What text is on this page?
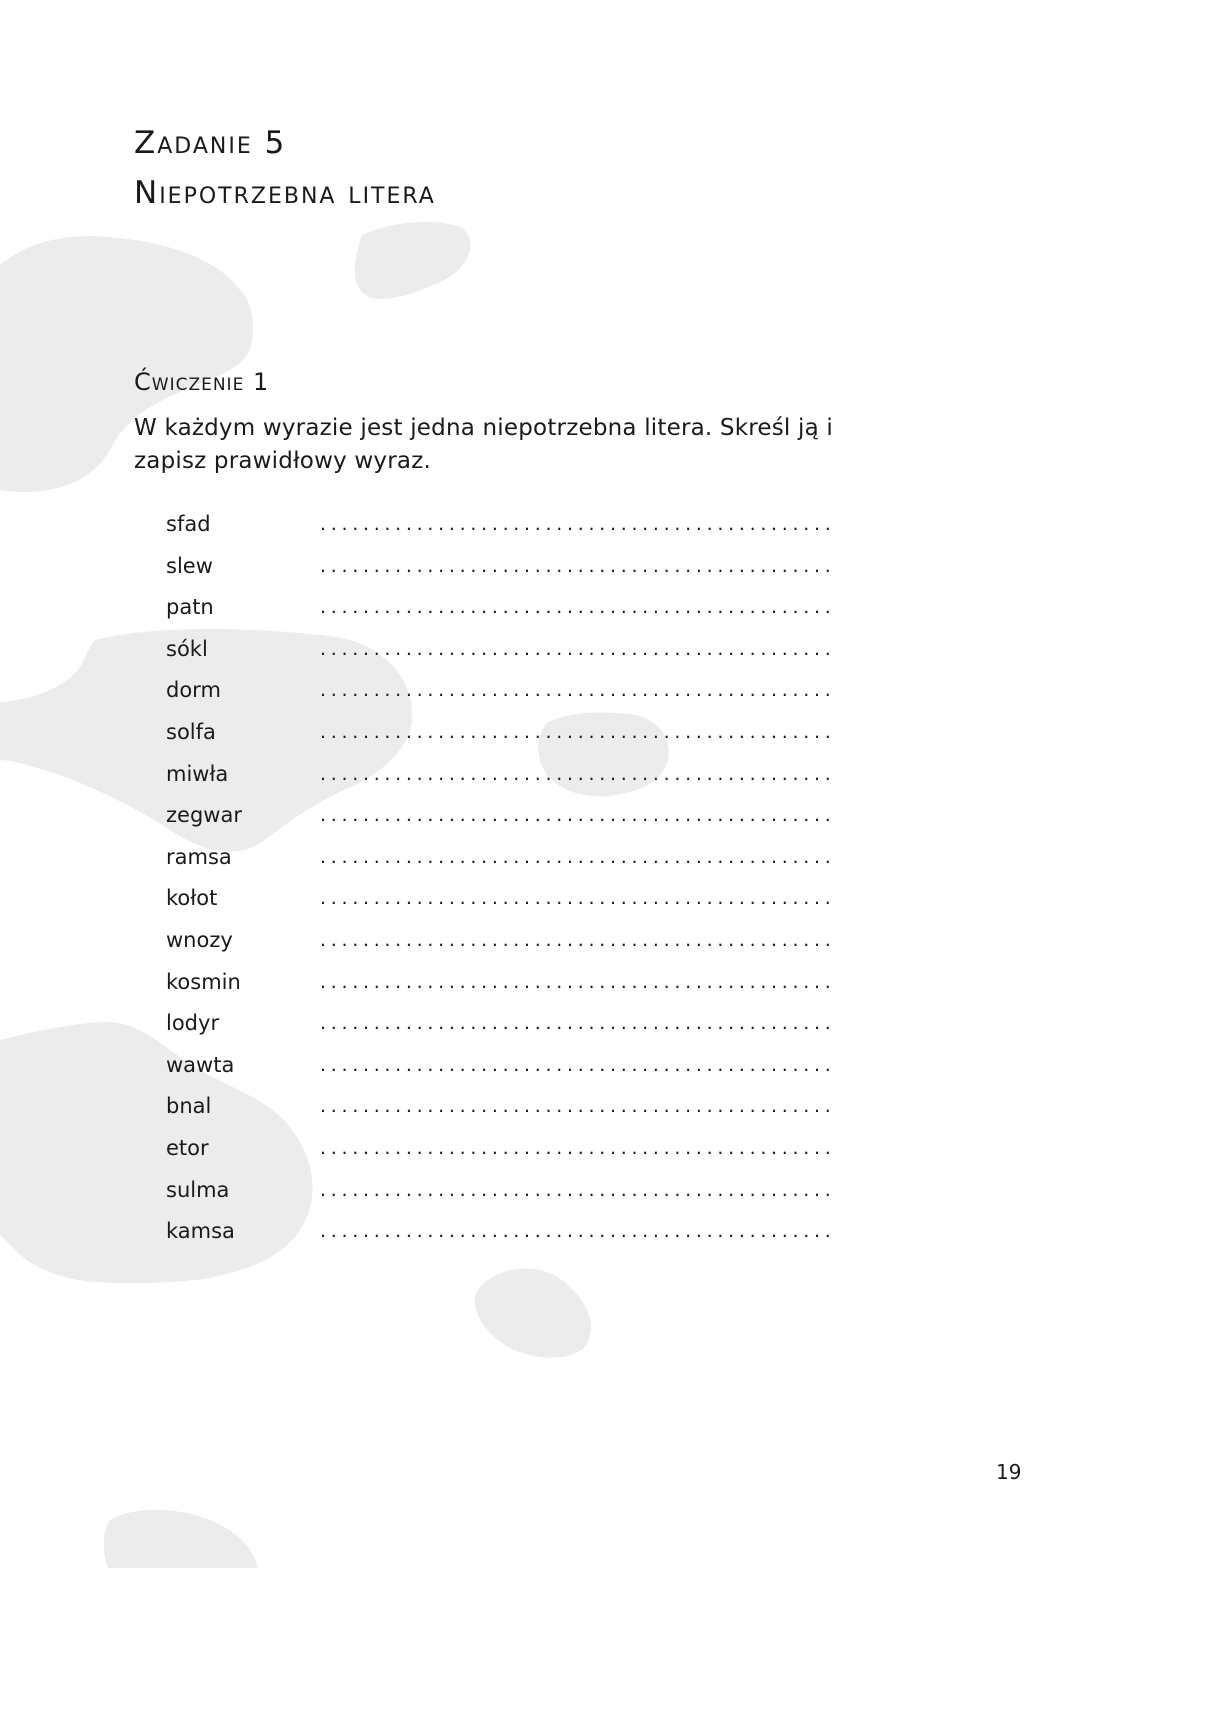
Zadanie 5
Niepotrzebna litera
Ćwiczenie 1
W każdym wyrazie jest jedna niepotrzebna litera. Skreśl ją i zapisz prawidłowy wyraz.
sfad	................................................
slew	................................................
patn	................................................
sókl	................................................
dorm	................................................
solfa	................................................
miwła	................................................
zegwar	................................................
ramsa	................................................
kołot	................................................
wnozy	................................................
kosmin	................................................
lodyr	................................................
wawta	................................................
bnal	................................................
etor	................................................
sulma	................................................
kamsa	................................................
19
